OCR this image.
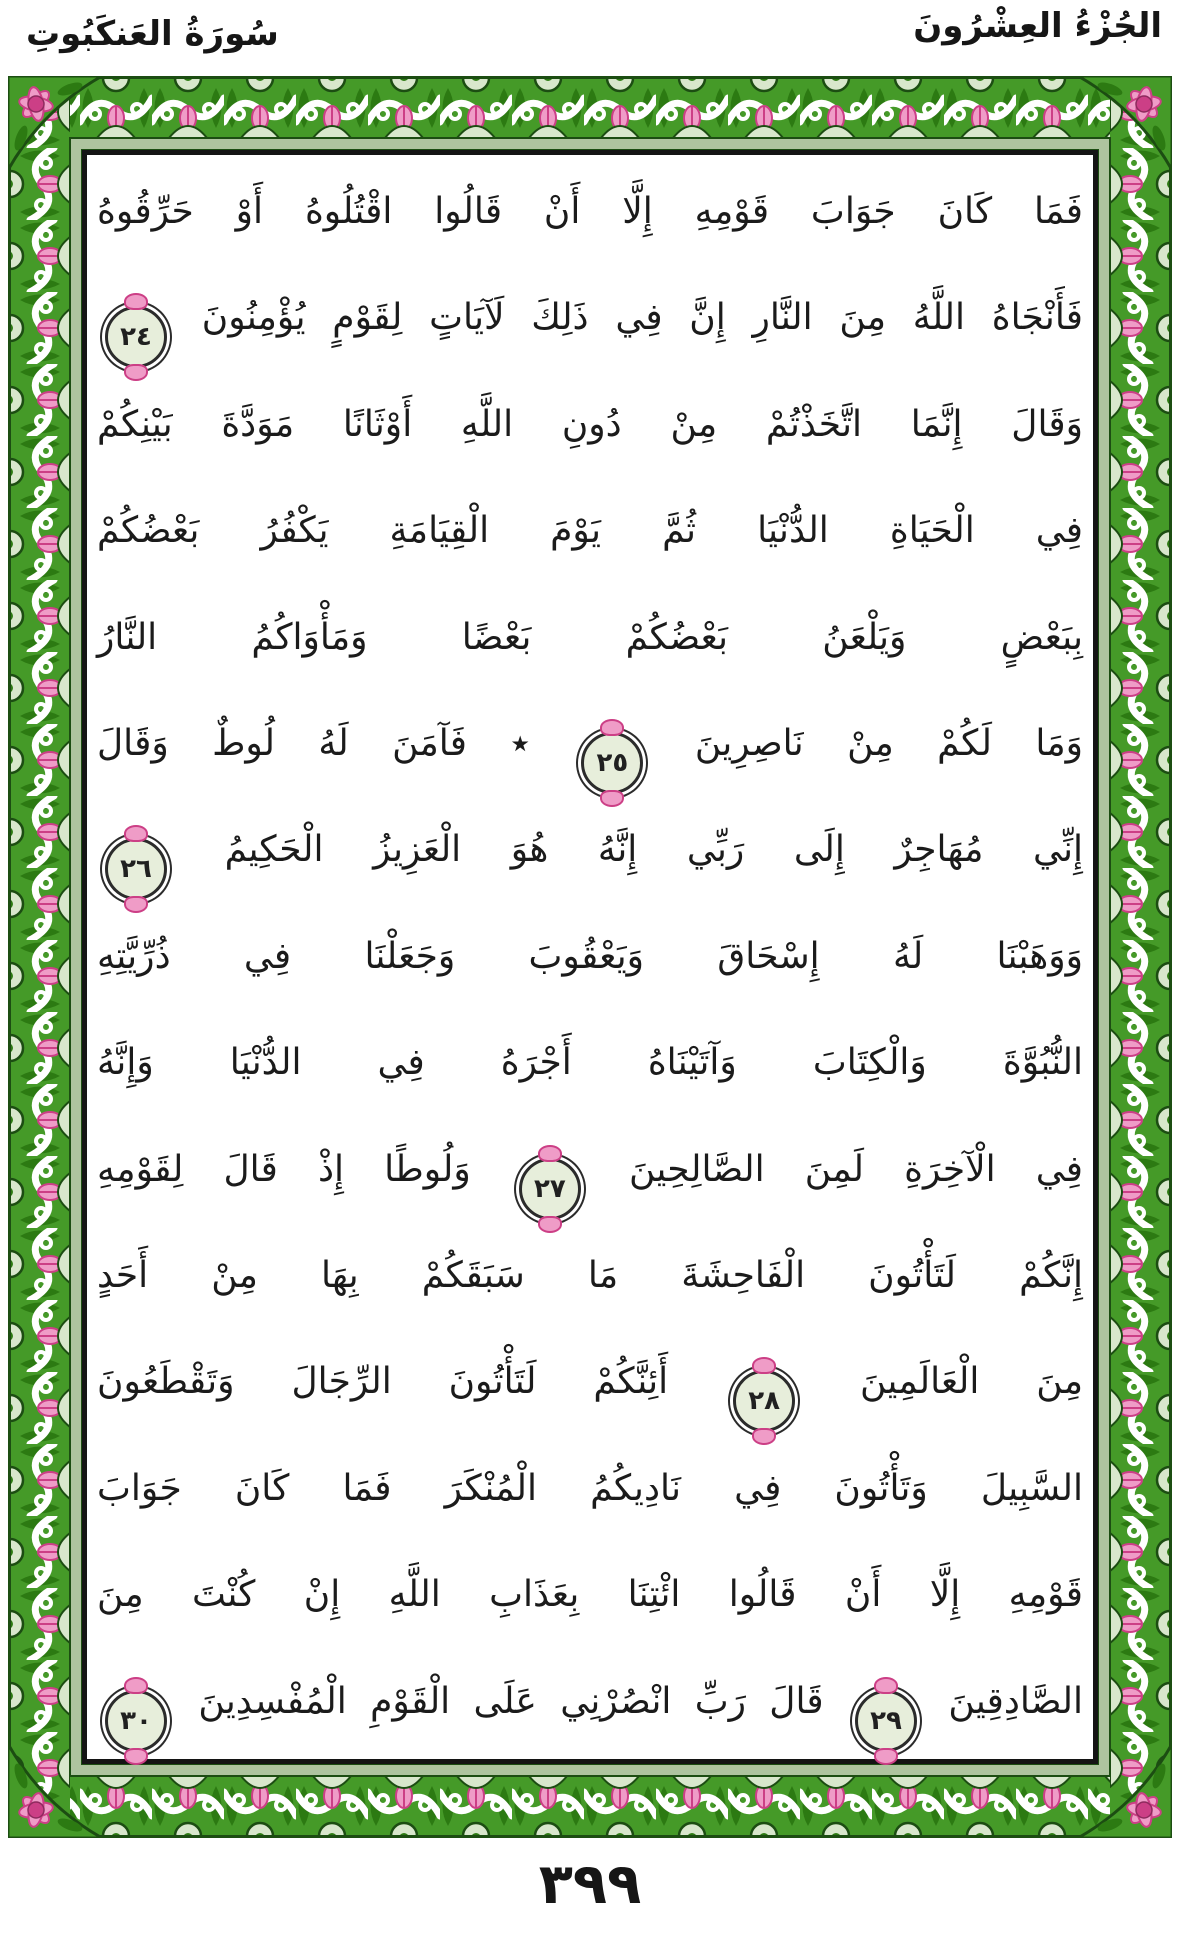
الجُزْءُ العِشْرُونَ
سُورَةُ العَنكَبُوتِ
فَمَا كَانَ جَوَابَ قَوْمِهِ إِلَّا أَنْ قَالُوا اقْتُلُوهُ أَوْ حَرِّقُوهُ
فَأَنْجَاهُ اللَّهُ مِنَ النَّارِ إِنَّ فِي ذَلِكَ لَآيَاتٍ لِقَوْمٍ يُؤْمِنُونَ ٢٤
وَقَالَ إِنَّمَا اتَّخَذْتُمْ مِنْ دُونِ اللَّهِ أَوْثَانًا مَوَدَّةَ بَيْنِكُمْ
فِي الْحَيَاةِ الدُّنْيَا ثُمَّ يَوْمَ الْقِيَامَةِ يَكْفُرُ بَعْضُكُمْ
بِبَعْضٍ وَيَلْعَنُ بَعْضُكُمْ بَعْضًا وَمَأْوَاكُمُ النَّارُ
وَمَا لَكُمْ مِنْ نَاصِرِينَ ٢٥ ٭ فَآمَنَ لَهُ لُوطٌ وَقَالَ
إِنِّي مُهَاجِرٌ إِلَى رَبِّي إِنَّهُ هُوَ الْعَزِيزُ الْحَكِيمُ ٢٦
وَوَهَبْنَا لَهُ إِسْحَاقَ وَيَعْقُوبَ وَجَعَلْنَا فِي ذُرِّيَّتِهِ
النُّبُوَّةَ وَالْكِتَابَ وَآتَيْنَاهُ أَجْرَهُ فِي الدُّنْيَا وَإِنَّهُ
فِي الْآخِرَةِ لَمِنَ الصَّالِحِينَ ٢٧ وَلُوطًا إِذْ قَالَ لِقَوْمِهِ
إِنَّكُمْ لَتَأْتُونَ الْفَاحِشَةَ مَا سَبَقَكُمْ بِهَا مِنْ أَحَدٍ
مِنَ الْعَالَمِينَ ٢٨ أَئِنَّكُمْ لَتَأْتُونَ الرِّجَالَ وَتَقْطَعُونَ
السَّبِيلَ وَتَأْتُونَ فِي نَادِيكُمُ الْمُنْكَرَ فَمَا كَانَ جَوَابَ
قَوْمِهِ إِلَّا أَنْ قَالُوا ائْتِنَا بِعَذَابِ اللَّهِ إِنْ كُنْتَ مِنَ
الصَّادِقِينَ ٢٩ قَالَ رَبِّ انْصُرْنِي عَلَى الْقَوْمِ الْمُفْسِدِينَ ٣٠
٣٩٩
